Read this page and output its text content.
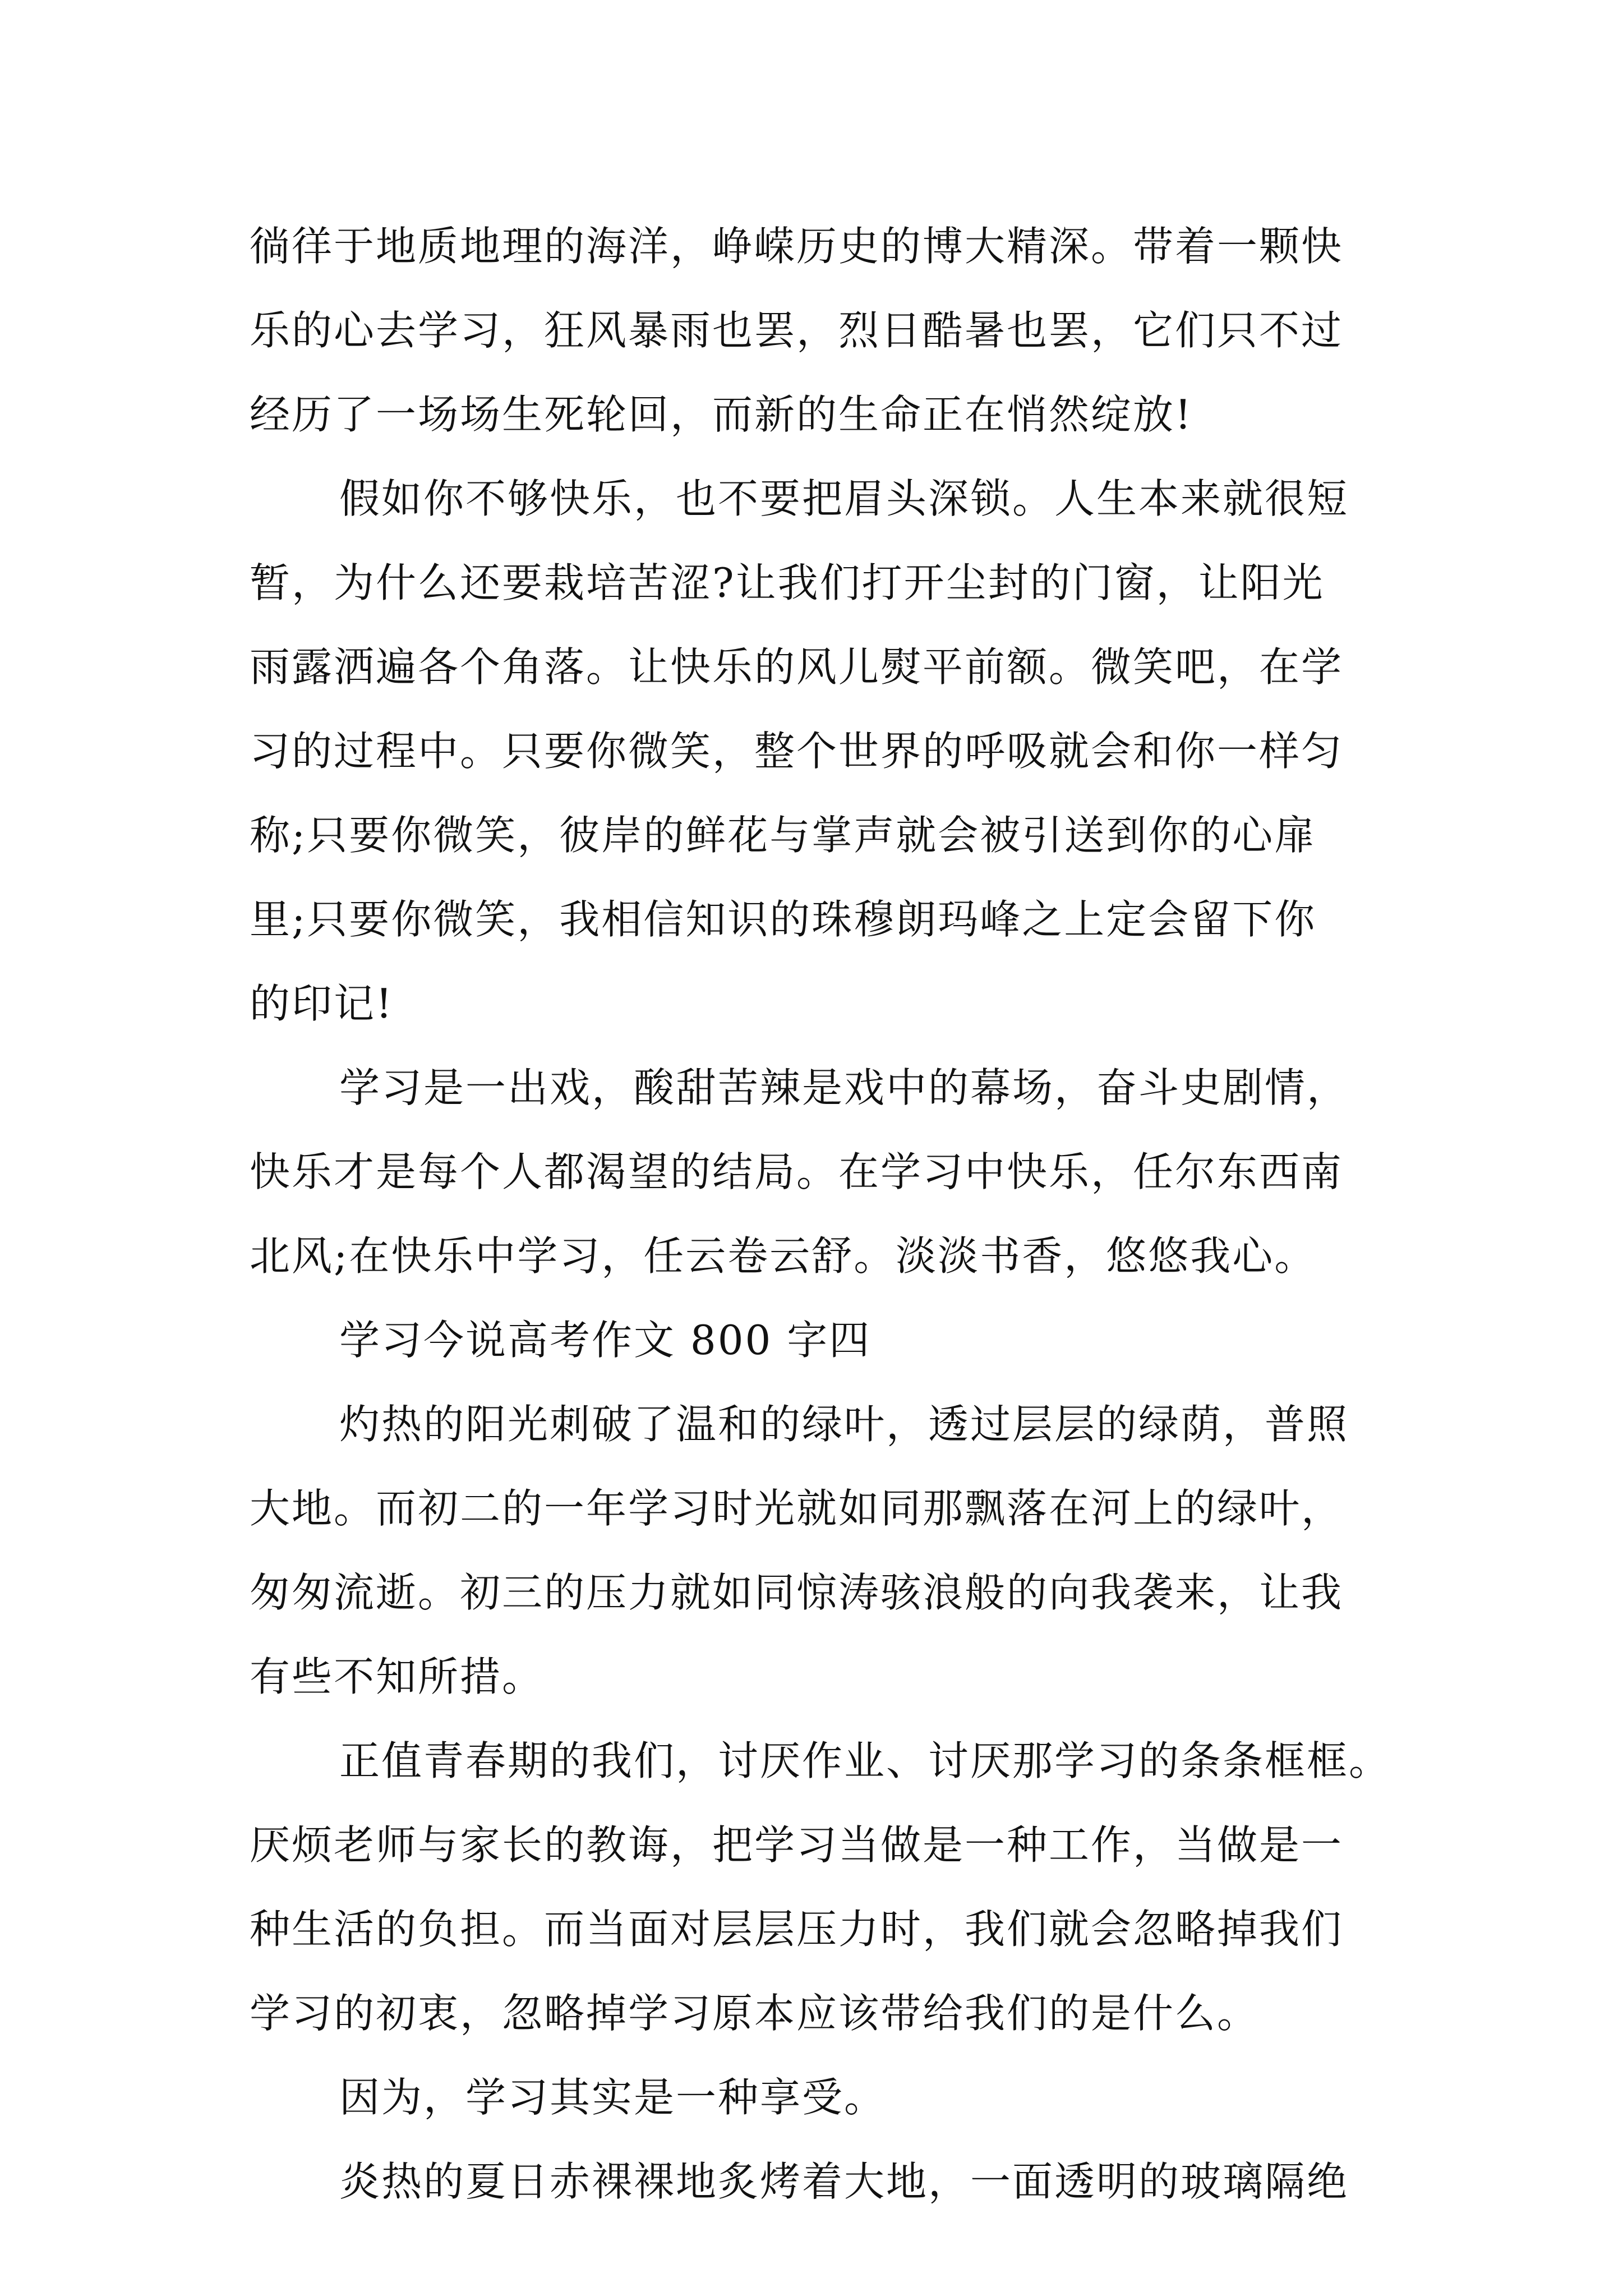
徜徉于地质地理的海洋，峥嵘历史的博大精深。带着一颗快
乐的心去学习，狂风暴雨也罢，烈日酷暑也罢，它们只不过
经历了一场场生死轮回，而新的生命正在悄然绽放!
假如你不够快乐，也不要把眉头深锁。人生本来就很短
暂，为什么还要栽培苦涩?让我们打开尘封的门窗，让阳光
雨露洒遍各个角落。让快乐的风儿熨平前额。微笑吧，在学
习的过程中。只要你微笑，整个世界的呼吸就会和你一样匀
称;只要你微笑，彼岸的鲜花与掌声就会被引送到你的心扉
里;只要你微笑，我相信知识的珠穆朗玛峰之上定会留下你
的印记!
学习是一出戏，酸甜苦辣是戏中的幕场，奋斗史剧情，
快乐才是每个人都渴望的结局。在学习中快乐，任尔东西南
北风;在快乐中学习，任云卷云舒。淡淡书香，悠悠我心。
学习今说高考作文 800 字四
灼热的阳光刺破了温和的绿叶，透过层层的绿荫，普照
大地。而初二的一年学习时光就如同那飘落在河上的绿叶，
匆匆流逝。初三的压力就如同惊涛骇浪般的向我袭来，让我
有些不知所措。
正值青春期的我们，讨厌作业、讨厌那学习的条条框框。
厌烦老师与家长的教诲，把学习当做是一种工作，当做是一
种生活的负担。而当面对层层压力时，我们就会忽略掉我们
学习的初衷，忽略掉学习原本应该带给我们的是什么。
因为，学习其实是一种享受。
炎热的夏日赤裸裸地炙烤着大地，一面透明的玻璃隔绝
